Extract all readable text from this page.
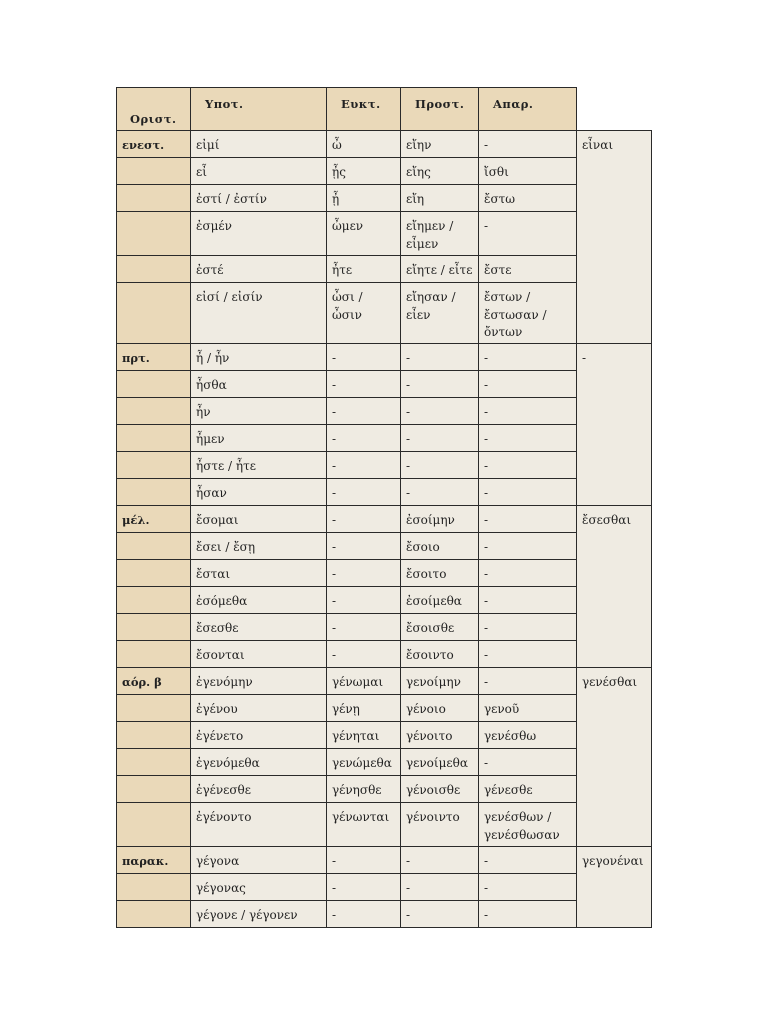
Οριστ.	Υποτ.	Ευκτ.	Προστ.	Απαρ.	
ενεστ.	εἰμί	ὦ	εἴην	-	εἶναι
	εἶ	ᾖς	εἴης	ἴσθι	
	ἐστί / ἐστίν	ᾖ	εἴη	ἔστω	
	ἐσμέν	ὦμεν	εἴημεν / εἶμεν	-	
	ἐστέ	ἦτε	εἴητε / εἶτε	ἔστε	
	εἰσί / εἰσίν	ὦσι / ὦσιν	εἴησαν / εἶεν	ἔστων / ἔστωσαν / ὄντων	
πρτ.	ἦ / ἦν	-	-	-	-
	ἦσθα	-	-	-	
	ἦν	-	-	-	
	ἦμεν	-	-	-	
	ἦστε / ἦτε	-	-	-	
	ἦσαν	-	-	-	
μέλ.	ἔσομαι	-	ἐσοίμην	-	ἔσεσθαι
	ἔσει / ἔσῃ	-	ἔσοιο	-	
	ἔσται	-	ἔσοιτο	-	
	ἐσόμεθα	-	ἐσοίμεθα	-	
	ἔσεσθε	-	ἔσοισθε	-	
	ἔσονται	-	ἔσοιντο	-	
αόρ. β	ἐγενόμην	γένωμαι	γενοίμην	-	γενέσθαι
	ἐγένου	γένῃ	γένοιο	γενοῦ	
	ἐγένετο	γένηται	γένοιτο	γενέσθω	
	ἐγενόμεθα	γενώμεθα	γενοίμεθα	-	
	ἐγένεσθε	γένησθε	γένοισθε	γένεσθε	
	ἐγένοντο	γένωνται	γένοιντο	γενέσθων / γενέσθωσαν	
παρακ.	γέγονα	-	-	-	γεγονέναι
	γέγονας	-	-	-	
	γέγονε / γέγονεν	-	-	-	
